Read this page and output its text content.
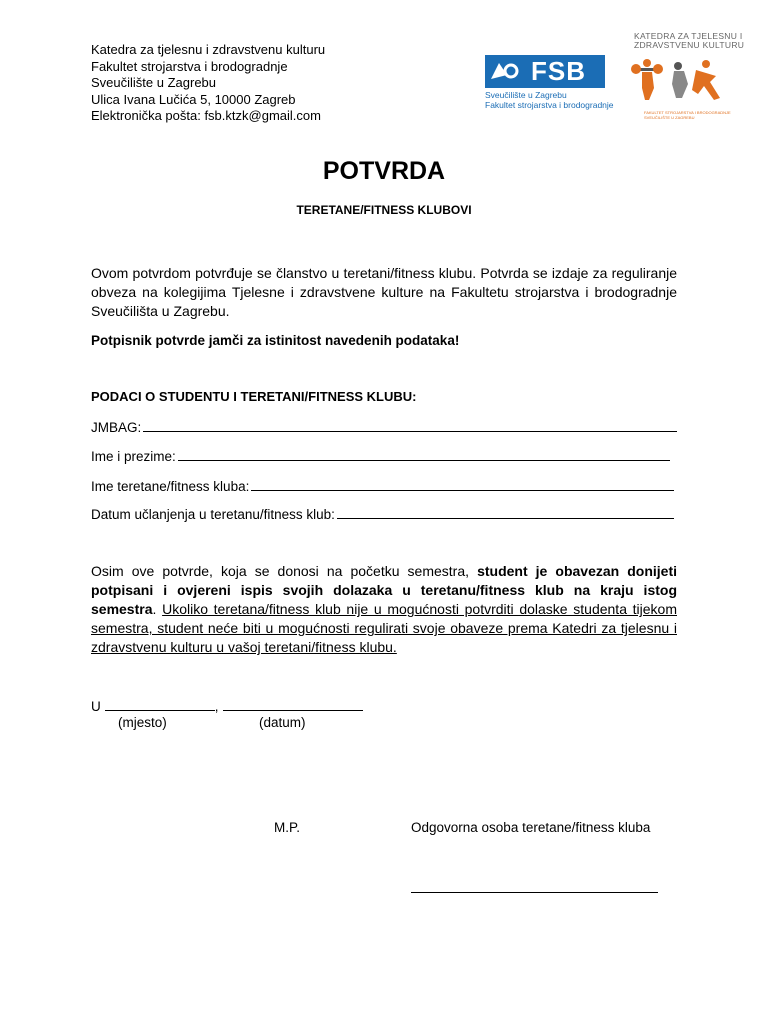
Katedra za tjelesnu i zdravstvenu kulturu
Fakultet strojarstva i brodogradnje
Sveučilište u Zagrebu
Ulica Ivana Lučića 5, 10000 Zagreb
Elektronička pošta: fsb.ktzk@gmail.com
FSB
Sveučilište u Zagrebu
Fakultet strojarstva i brodogradnje
KATEDRA ZA TJELESNU I
ZDRAVSTVENU KULTURU
FAKULTET STROJARSTVA I BRODOGRADNJE
SVEUČILIŠTE U ZAGREBU
POTVRDA
TERETANE/FITNESS KLUBOVI
Ovom potvrdom potvrđuje se članstvo u teretani/fitness klubu. Potvrda se izdaje za reguliranje obveza na kolegijima Tjelesne i zdravstvene kulture na Fakultetu strojarstva i brodogradnje Sveučilišta u Zagrebu.
Potpisnik potvrde jamči za istinitost navedenih podataka!
PODACI O STUDENTU I TERETANI/FITNESS KLUBU:
JMBAG:
Ime i prezime:
Ime teretane/fitness kluba:
Datum učlanjenja u teretanu/fitness klub:
Osim ove potvrde, koja se donosi na početku semestra, student je obavezan donijeti potpisani i ovjereni ispis svojih dolazaka u teretanu/fitness klub na kraju istog semestra. Ukoliko teretana/fitness klub nije u mogućnosti potvrditi dolaske studenta tijekom semestra, student neće biti u mogućnosti regulirati svoje obaveze prema Katedri za tjelesnu i zdravstvenu kulturu u vašoj teretani/fitness klubu.
U	,
(mjesto)	(datum)
M.P.	Odgovorna osoba teretane/fitness kluba
